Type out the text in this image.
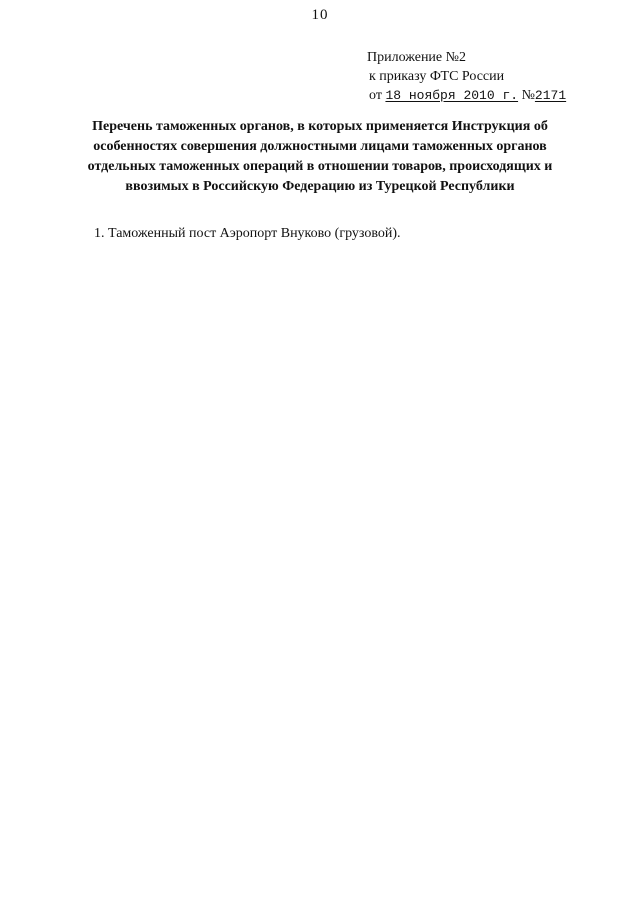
10
Приложение №2
к приказу ФТС России
от 18 ноября 2010 г. №2171
Перечень таможенных органов, в которых применяется Инструкция об особенностях совершения должностными лицами таможенных органов отдельных таможенных операций в отношении товаров, происходящих и ввозимых в Российскую Федерацию из Турецкой Республики
1. Таможенный пост Аэропорт Внуково (грузовой).
